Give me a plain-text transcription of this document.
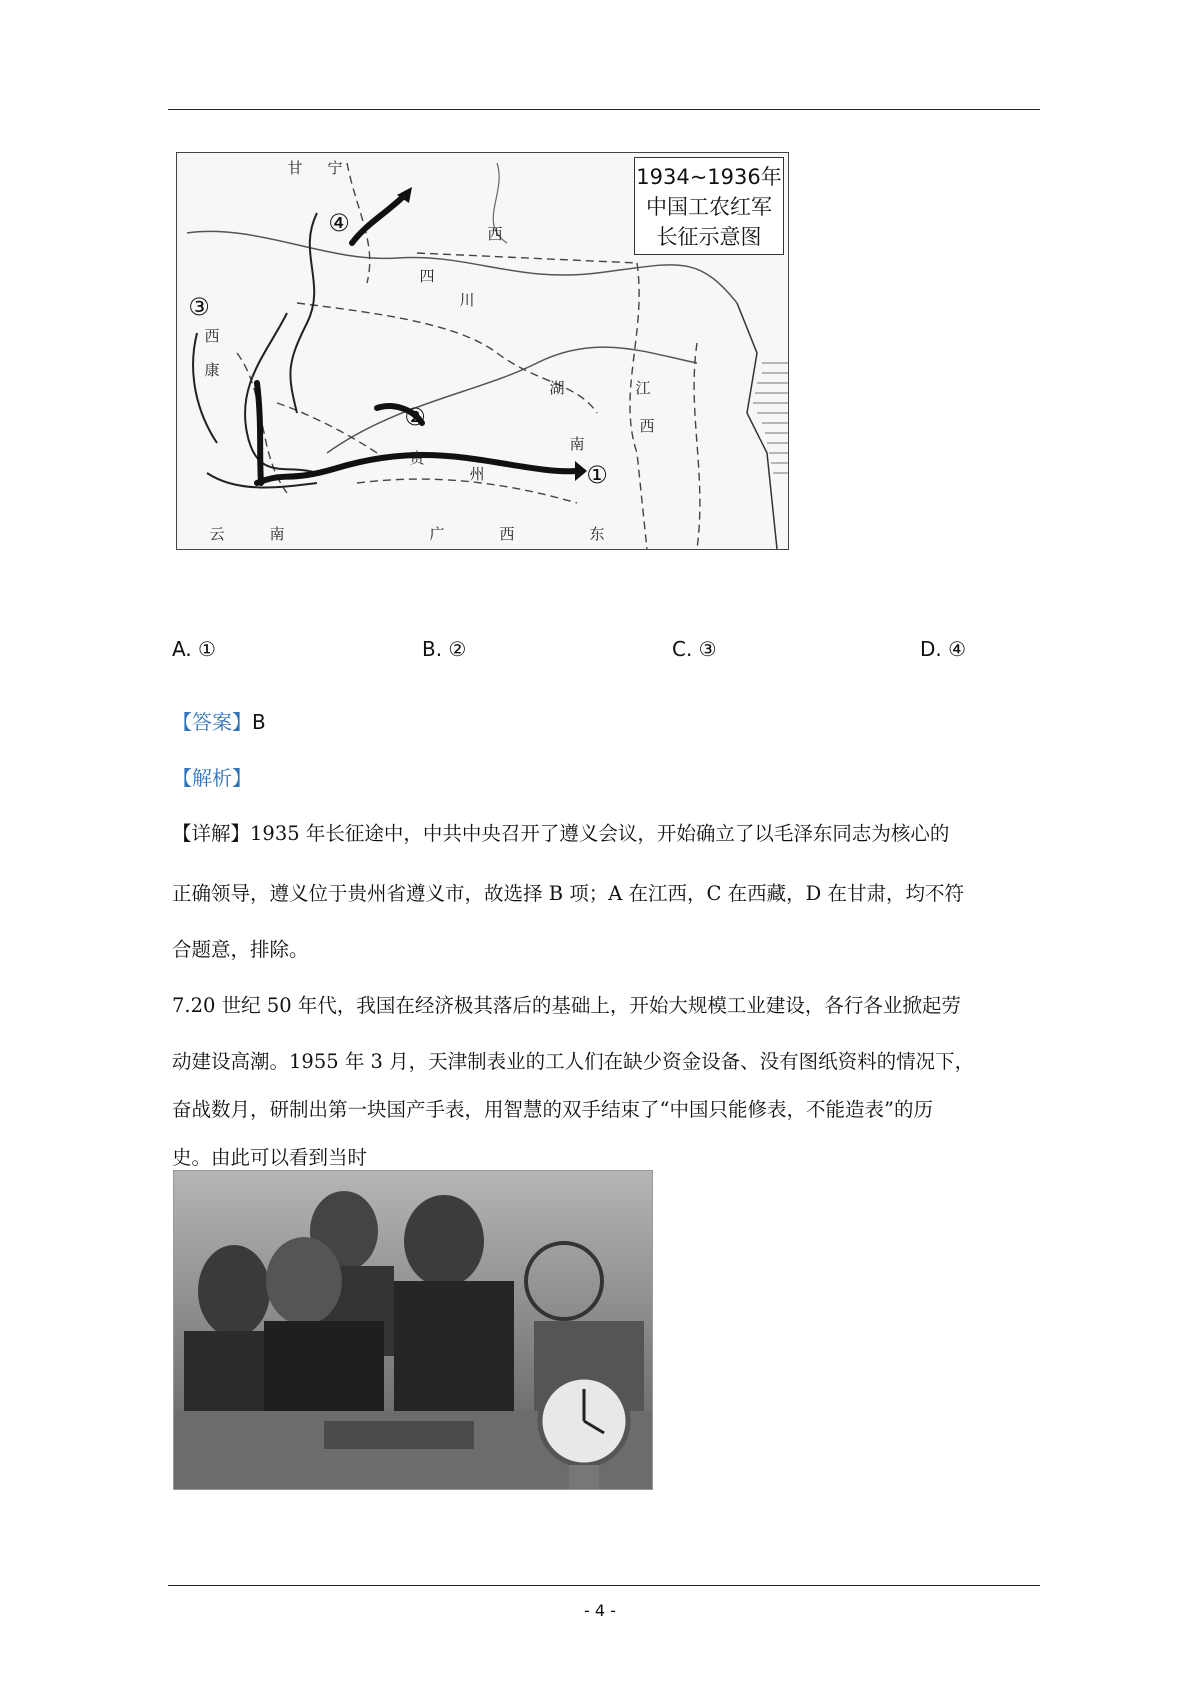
甘 宁
四
川
西
康
贵
州
湖
南
江
西
云	南	广	西	东
西
①
②
③
④
1934~1936年
中国工农红军
长征示意图
A. ①	B. ②	C. ③	D. ④
【答案】B
【解析】
【详解】1935 年长征途中，中共中央召开了遵义会议，开始确立了以毛泽东同志为核心的
正确领导，遵义位于贵州省遵义市，故选择 B 项；A 在江西，C 在西藏，D 在甘肃，均不符
合题意，排除。
7.20 世纪 50 年代，我国在经济极其落后的基础上，开始大规模工业建设，各行各业掀起劳
动建设高潮。1955 年 3 月，天津制表业的工人们在缺少资金设备、没有图纸资料的情况下，
奋战数月，研制出第一块国产手表，用智慧的双手结束了“中国只能修表，不能造表”的历
史。由此可以看到当时
- 4 -
